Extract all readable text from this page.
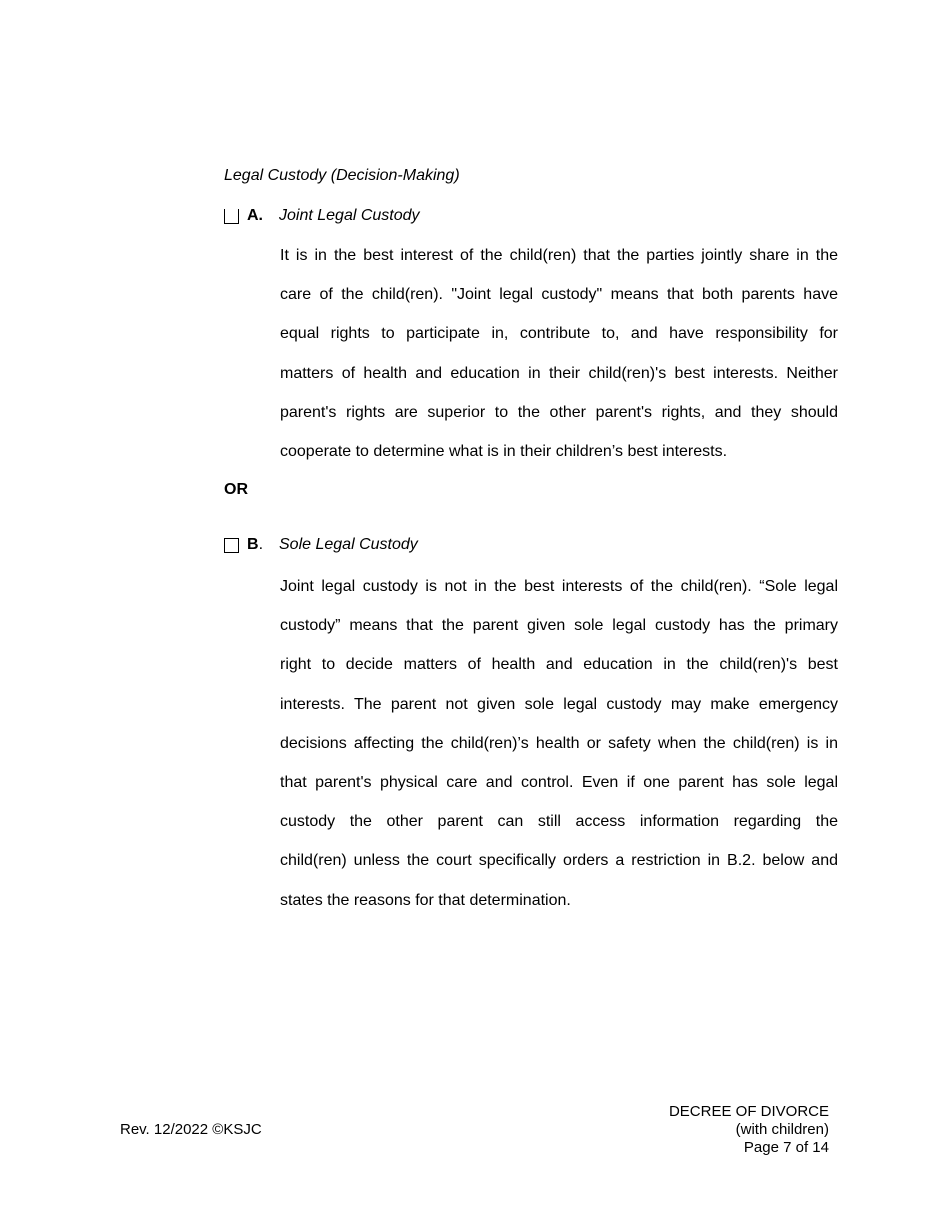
Legal Custody (Decision-Making)
A.	Joint Legal Custody
It is in the best interest of the child(ren) that the parties jointly share in the
care of the child(ren). "Joint legal custody" means that both parents have
equal rights to participate in, contribute to, and have responsibility for
matters of health and education in their child(ren)'s best interests. Neither
parent's rights are superior to the other parent's rights, and they should
cooperate to determine what is in their children’s best interests.
OR
B. Sole Legal Custody
Joint legal custody is not in the best interests of the child(ren). “Sole legal
custody” means that the parent given sole legal custody has the primary
right to decide matters of health and education in the child(ren)'s best
interests. The parent not given sole legal custody may make emergency
decisions affecting the child(ren)’s health or safety when the child(ren) is in
that parent's physical care and control. Even if one parent has sole legal
custody the other parent can still access information regarding the
child(ren) unless the court specifically orders a restriction in B.2. below and
states the reasons for that determination.
Rev. 12/2022 ©KSJC
DECREE OF DIVORCE
(with children)
Page 7 of 14
